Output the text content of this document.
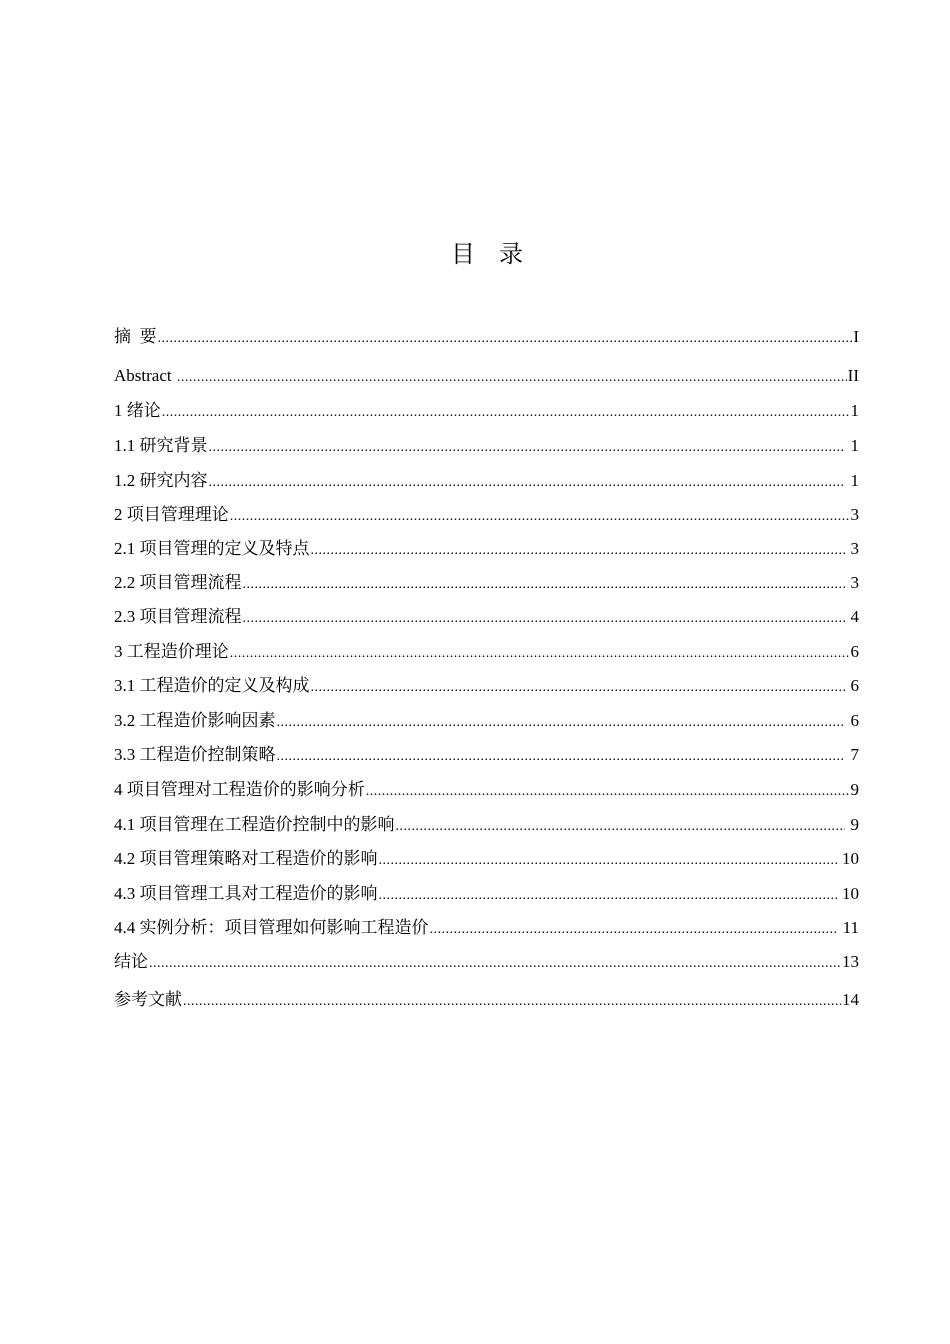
目 录
摘  要 .....	I
Abstract .....	II
1 绪论 .....	1
1.1 研究背景 .....	1
1.2 研究内容 .....	1
2 项目管理理论 .....	3
2.1 项目管理的定义及特点 .....	3
2.2 项目管理流程 .....	3
2.3 项目管理流程 .....	4
3 工程造价理论 .....	6
3.1 工程造价的定义及构成 .....	6
3.2 工程造价影响因素 .....	6
3.3 工程造价控制策略 .....	7
4 项目管理对工程造价的影响分析 .....	9
4.1 项目管理在工程造价控制中的影响 .....	9
4.2 项目管理策略对工程造价的影响 .....	10
4.3 项目管理工具对工程造价的影响 .....	10
4.4 实例分析：项目管理如何影响工程造价 .....	11
结论 .....	13
参考文献 .....	14
